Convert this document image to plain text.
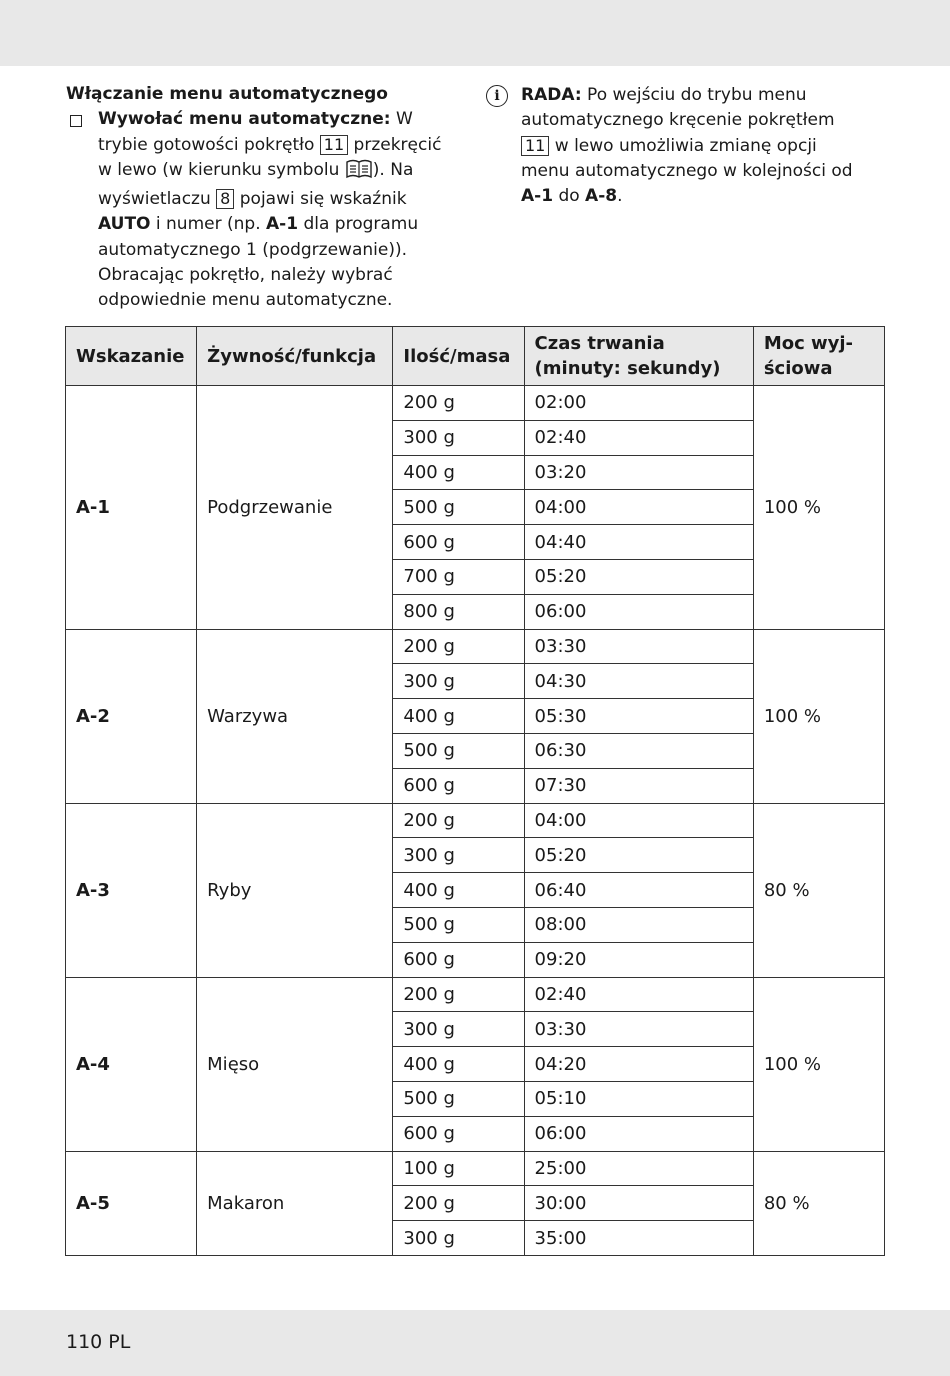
Włączanie menu automatycznego
Wywołać menu automatyczne: W trybie gotowości pokrętło 11 przekręcić w lewo (w kierunku symbolu ). Na wyświetlaczu 8 pojawi się wskaźnik AUTO i numer (np. A-1 dla programu automatycznego 1 (podgrzewanie)). Obracając pokrętło, należy wybrać odpowiednie menu automatyczne.
i	RADA: Po wejściu do trybu menu automatycznego kręcenie pokrętłem 11 w lewo umożliwia zmianę opcji menu automatycznego w kolejności od A-1 do A-8.
Wskazanie	Żywność/funkcja	Ilość/masa	Czas trwania (minuty: sekundy)	Moc wyj-ściowa
A-1	Podgrzewanie	200 g	02:00	100 %
		300 g	02:40	
		400 g	03:20	
		500 g	04:00	
		600 g	04:40	
		700 g	05:20	
		800 g	06:00	
A-2	Warzywa	200 g	03:30	100 %
		300 g	04:30	
		400 g	05:30	
		500 g	06:30	
		600 g	07:30	
A-3	Ryby	200 g	04:00	80 %
		300 g	05:20	
		400 g	06:40	
		500 g	08:00	
		600 g	09:20	
A-4	Mięso	200 g	02:40	100 %
		300 g	03:30	
		400 g	04:20	
		500 g	05:10	
		600 g	06:00	
A-5	Makaron	100 g	25:00	80 %
		200 g	30:00	
		300 g	35:00	
110 PL
